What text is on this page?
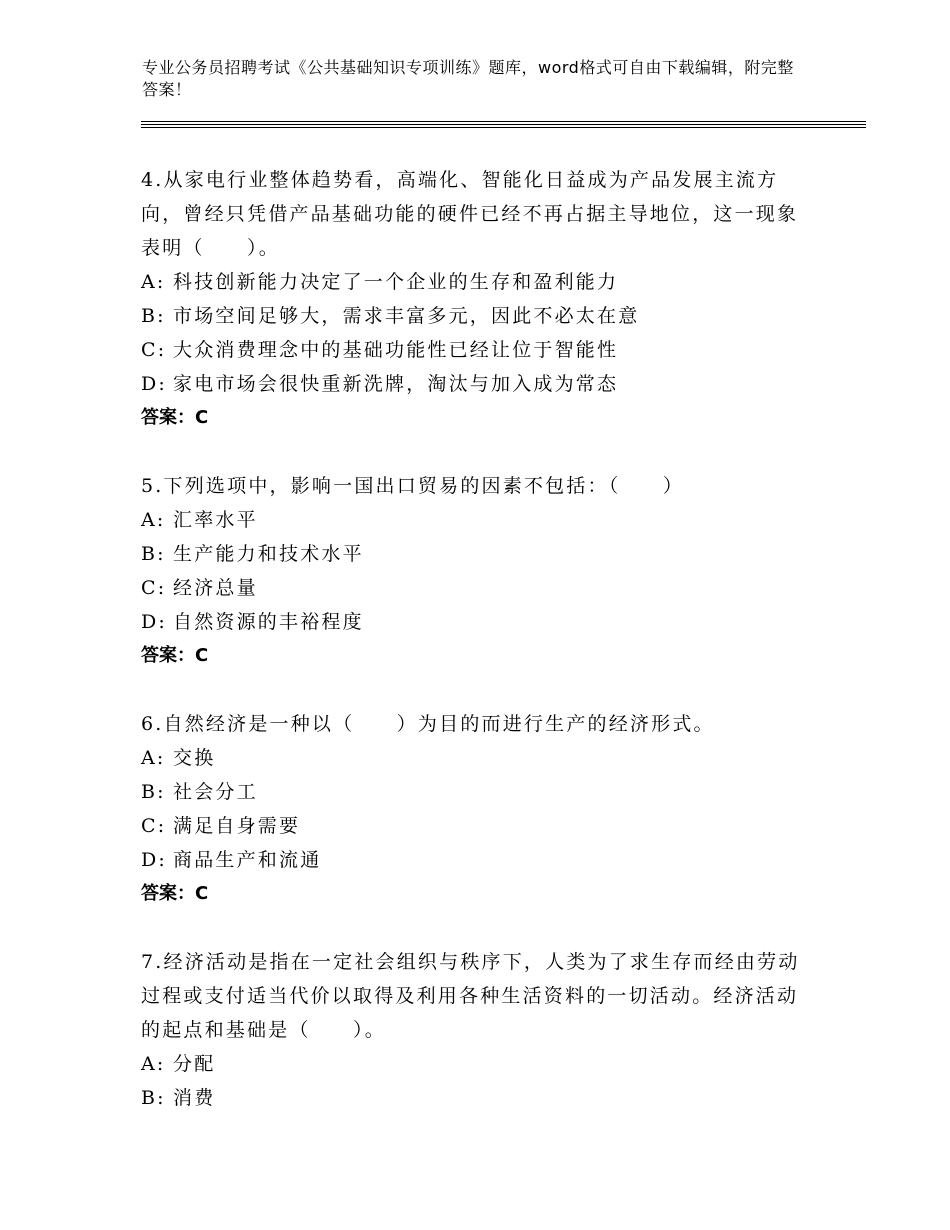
专业公务员招聘考试《公共基础知识专项训练》题库，word格式可自由下载编辑，附完整答案！

4.从家电行业整体趋势看，高端化、智能化日益成为产品发展主流方向，曾经只凭借产品基础功能的硬件已经不再占据主导地位，这一现象表明（　　）。

A: 科技创新能力决定了一个企业的生存和盈利能力

B: 市场空间足够大，需求丰富多元，因此不必太在意

C: 大众消费理念中的基础功能性已经让位于智能性

D: 家电市场会很快重新洗牌，淘汰与加入成为常态

答案：C

5.下列选项中，影响一国出口贸易的因素不包括：（　　）

A: 汇率水平

B: 生产能力和技术水平

C: 经济总量

D: 自然资源的丰裕程度

答案：C

6.自然经济是一种以（　　）为目的而进行生产的经济形式。

A: 交换

B: 社会分工

C: 满足自身需要

D: 商品生产和流通

答案：C

7.经济活动是指在一定社会组织与秩序下，人类为了求生存而经由劳动过程或支付适当代价以取得及利用各种生活资料的一切活动。经济活动的起点和基础是（　　）。

A: 分配

B: 消费
